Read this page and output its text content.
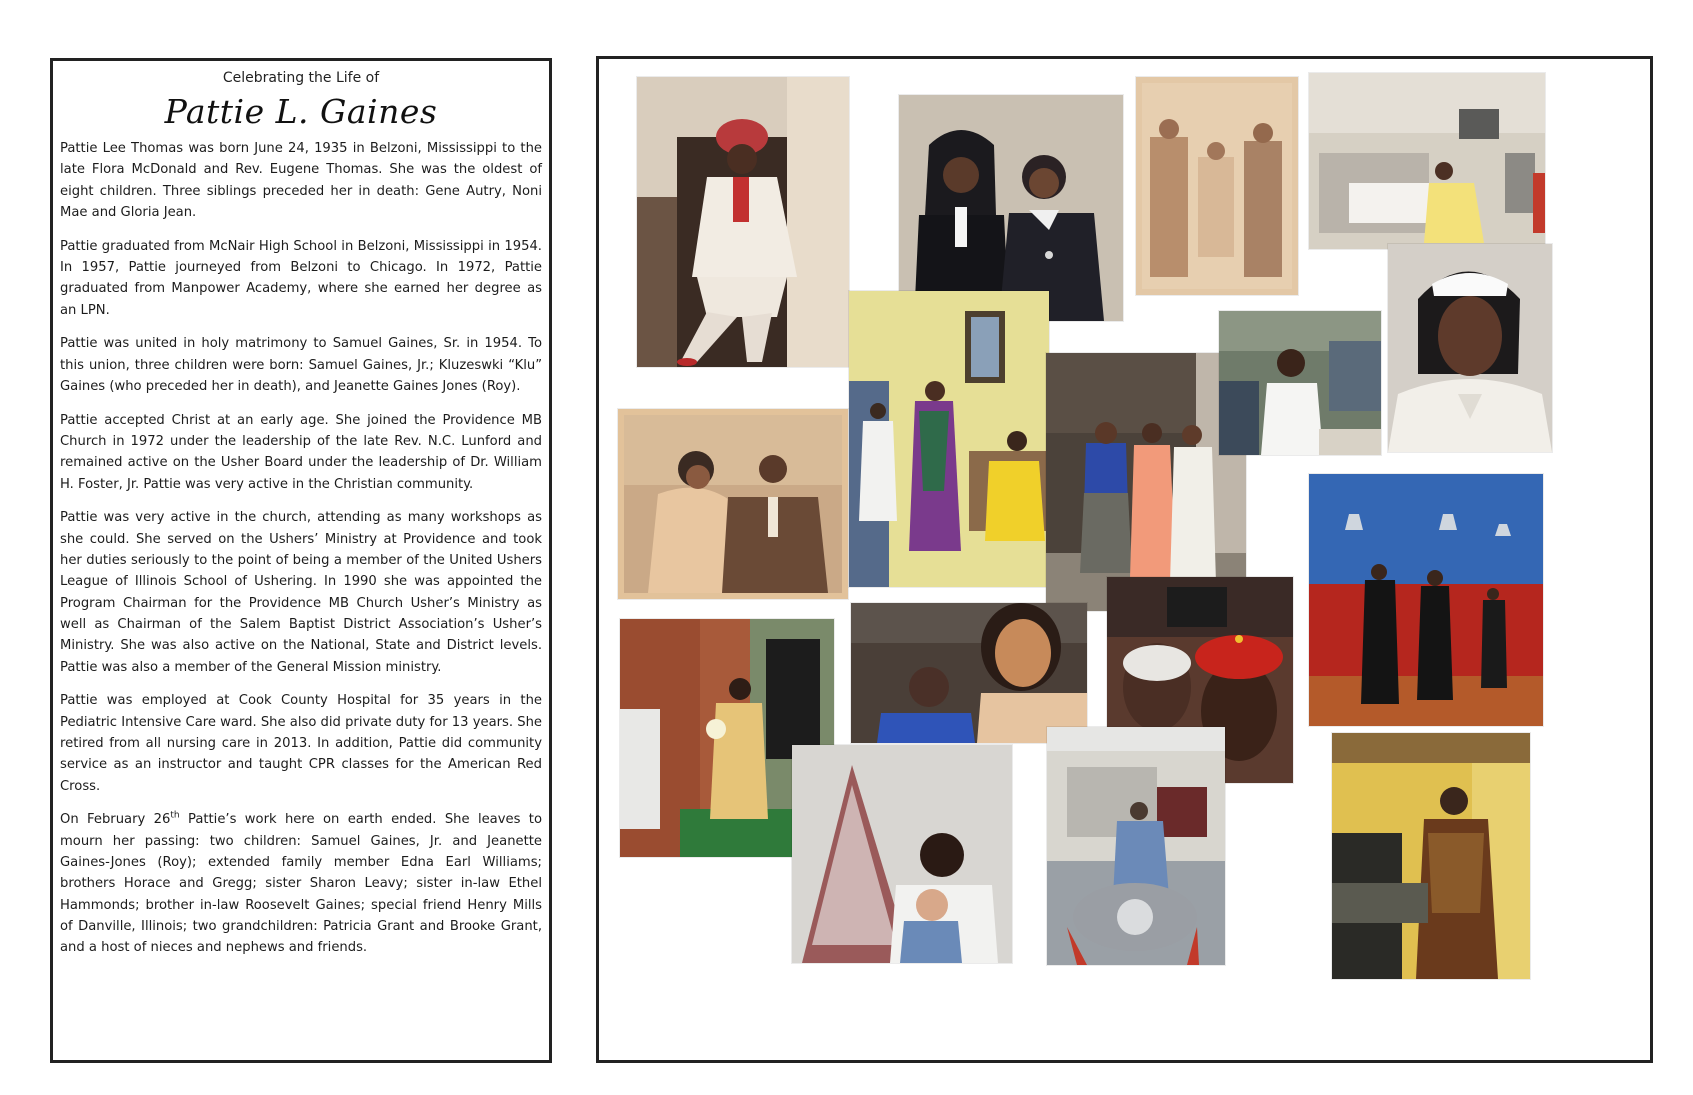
Celebrating the Life of
Pattie L. Gaines

Pattie Lee Thomas was born June 24, 1935 in Belzoni, Mississippi to the late Flora McDonald and Rev. Eugene Thomas. She was the oldest of eight children. Three siblings preceded her in death: Gene Autry, Noni Mae and Gloria Jean.

Pattie graduated from McNair High School in Belzoni, Mississippi in 1954. In 1957, Pattie journeyed from Belzoni to Chicago. In 1972, Pattie graduated from Manpower Academy, where she earned her degree as an LPN.

Pattie was united in holy matrimony to Samuel Gaines, Sr. in 1954. To this union, three children were born: Samuel Gaines, Jr.; Kluzeswki “Klu” Gaines (who preceded her in death), and Jeanette Gaines Jones (Roy).

Pattie accepted Christ at an early age. She joined the Providence MB Church in 1972 under the leadership of the late Rev. N.C. Lunford and remained active on the Usher Board under the leadership of Dr. William H. Foster, Jr. Pattie was very active in the Christian community.

Pattie was very active in the church, attending as many workshops as she could. She served on the Ushers’ Ministry at Providence and took her duties seriously to the point of being a member of the United Ushers League of Illinois School of Ushering. In 1990 she was appointed the Program Chairman for the Providence MB Church Usher’s Ministry as well as Chairman of the Salem Baptist District Association’s Usher’s Ministry. She was also active on the National, State and District levels. Pattie was also a member of the General Mission ministry.

Pattie was employed at Cook County Hospital for 35 years in the Pediatric Intensive Care ward. She also did private duty for 13 years. She retired from all nursing care in 2013. In addition, Pattie did community service as an instructor and taught CPR classes for the American Red Cross.

On February 26th Pattie’s work here on earth ended. She leaves to mourn her passing: two children: Samuel Gaines, Jr. and Jeanette Gaines-Jones (Roy); extended family member Edna Earl Williams; brothers Horace and Gregg; sister Sharon Leavy; sister in-law Ethel Hammonds; brother in-law Roosevelt Gaines; special friend Henry Mills of Danville, Illinois; two grandchildren: Patricia Grant and Brooke Grant, and a host of nieces and nephews and friends.
